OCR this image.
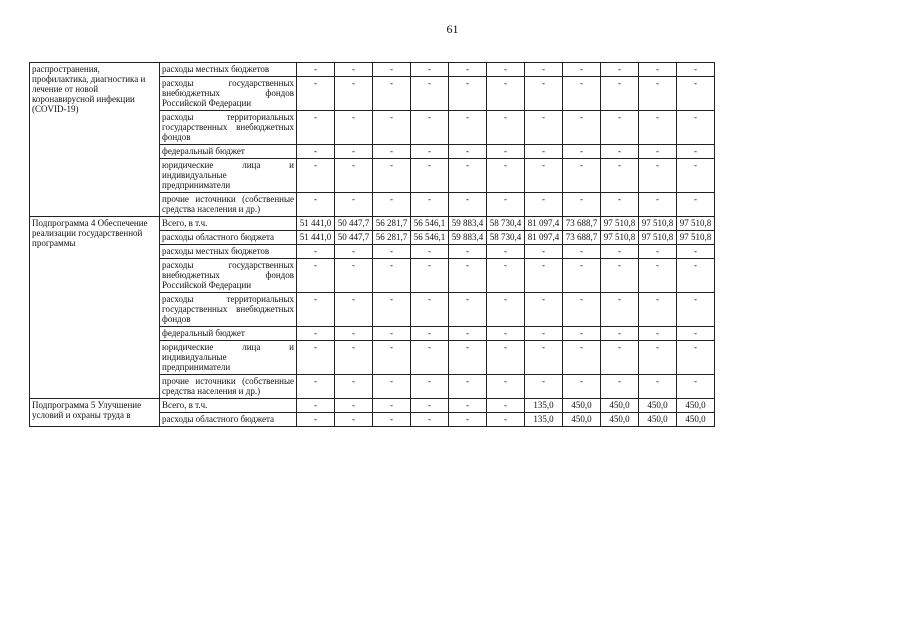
61
распространения, профилактика, диагностика и лечение от новой коронавирусной инфекции (COVID-19)	расходы местных бюджетов	-	-	-	-	-	-	-	-	-	-	-
	расходы государственных внебюджетных фондов Российской Федерации	-	-	-	-	-	-	-	-	-	-	-
	расходы территориальных государственных внебюджетных фондов	-	-	-	-	-	-	-	-	-	-	-
	федеральный бюджет	-	-	-	-	-	-	-	-	-	-	-
	юридические лица и индивидуальные предприниматели	-	-	-	-	-	-	-	-	-	-	-
	прочие источники (собственные средства населения и др.)	-	-	-	-	-	-	-	-	-	-	-
Подпрограмма 4 Обеспечение реализации государственной программы	Всего, в т.ч.	51 441,0	50 447,7	56 281,7	56 546,1	59 883,4	58 730,4	81 097,4	73 688,7	97 510,8	97 510,8	97 510,8
	расходы областного бюджета	51 441,0	50 447,7	56 281,7	56 546,1	59 883,4	58 730,4	81 097,4	73 688,7	97 510,8	97 510,8	97 510,8
	расходы местных бюджетов	-	-	-	-	-	-	-	-	-	-	-
	расходы государственных внебюджетных фондов Российской Федерации	-	-	-	-	-	-	-	-	-	-	-
	расходы территориальных государственных внебюджетных фондов	-	-	-	-	-	-	-	-	-	-	-
	федеральный бюджет	-	-	-	-	-	-	-	-	-	-	-
	юридические лица и индивидуальные предприниматели	-	-	-	-	-	-	-	-	-	-	-
	прочие источники (собственные средства населения и др.)	-	-	-	-	-	-	-	-	-	-	-
Подпрограмма 5 Улучшение условий и охраны труда в	Всего, в т.ч.	-	-	-	-	-	-	135,0	450,0	450,0	450,0	450,0
	расходы областного бюджета	-	-	-	-	-	-	135,0	450,0	450,0	450,0	450,0
